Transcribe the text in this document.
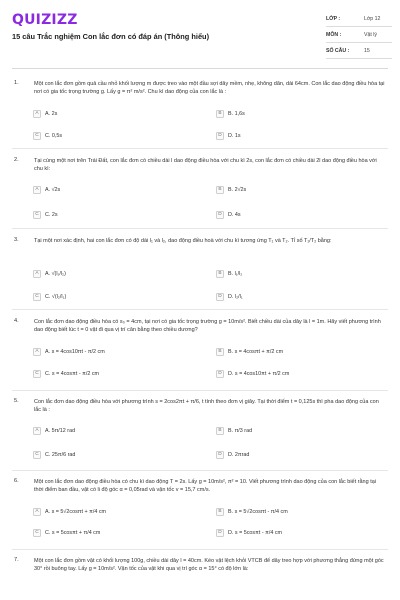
QUIZIZZ
15 câu Trắc nghiệm Con lắc đơn có đáp án (Thông hiểu)
LỚP :	Lớp 12
MÔN :	Vật lý
SỐ CÂU :	15
1.	Một con lắc đơn gồm quả cầu nhỏ khối lượng m được treo vào một đầu sợi dây mềm, nhẹ, không dãn, dài 64cm. Con lắc dao động điều hòa tại nơi có gia tốc trọng trường g. Lấy g = π² m/s². Chu kì dao động của con lắc là :
A	A. 2s	B	B. 1,6s
C	C. 0,5s	D	D. 1s
2.	Tại cùng một nơi trên Trái Đất, con lắc đơn có chiều dài l dao động điều hòa với chu kì 2s, con lắc đơn có chiều dài 2l dao động điều hòa với chu kì:
A	A. √2s	B	B. 2√2s
C	C. 2s	D	D. 4s
3.	Tại một nơi xác định, hai con lắc đơn có độ dài l₁ và l₂, dao động điều hoà với chu kì tương ứng T₁ và T₂. Tỉ số T₁/T₂ bằng:
A	A. √(l₁/l₂)	B	B. l₁/l₂
C	C. √(l₂/l₁)	D	D. l₂/l₁
4.	Con lắc đơn dao động điều hòa có s₀ = 4cm, tại nơi có gia tốc trọng trường g = 10m/s². Biết chiều dài của dây là l = 1m. Hãy viết phương trình dao động biết lúc t = 0 vật đi qua vị trí cân bằng theo chiều dương?
A	A. s = 4cos10πt - π/2 cm	B	B. s = 4cosπt + π/2 cm
C	C. s = 4cosπt - π/2 cm	D	D. s = 4cos10πt + π/2 cm
5.	Con lắc đơn dao động điều hòa với phương trình s = 2cos2πt + π/6, t tính theo đơn vị giây. Tại thời điểm t = 0,125s thì pha dao động của con lắc là :
A	A. 5π/12 rad	B	B. π/3 rad
C	C. 25π/6 rad	D	D. 2πrad
6.	Một con lắc đơn dao động điều hòa có chu kì dao động T = 2s. Lấy g = 10m/s², π² = 10. Viết phương trình dao động của con lắc biết rằng tại thời điểm ban đầu, vật có li độ góc α = 0,05rad và vận tốc v = 15,7 cm/s.
A	A. s = 5√2cosπt + π/4 cm	B	B. s = 5√2cosπt - π/4 cm
C	C. s = 5cosπt + π/4 cm	D	D. s = 5cosπt - π/4 cm
7.	Một con lắc đơn gồm vật có khối lượng 100g, chiều dài dây l = 40cm. Kéo vật lệch khỏi VTCB để dây treo hợp với phương thẳng đứng một góc 30° rồi buông tay. Lấy g = 10m/s². Vận tốc của vật khi qua vị trí góc α = 15° có độ lớn là:
